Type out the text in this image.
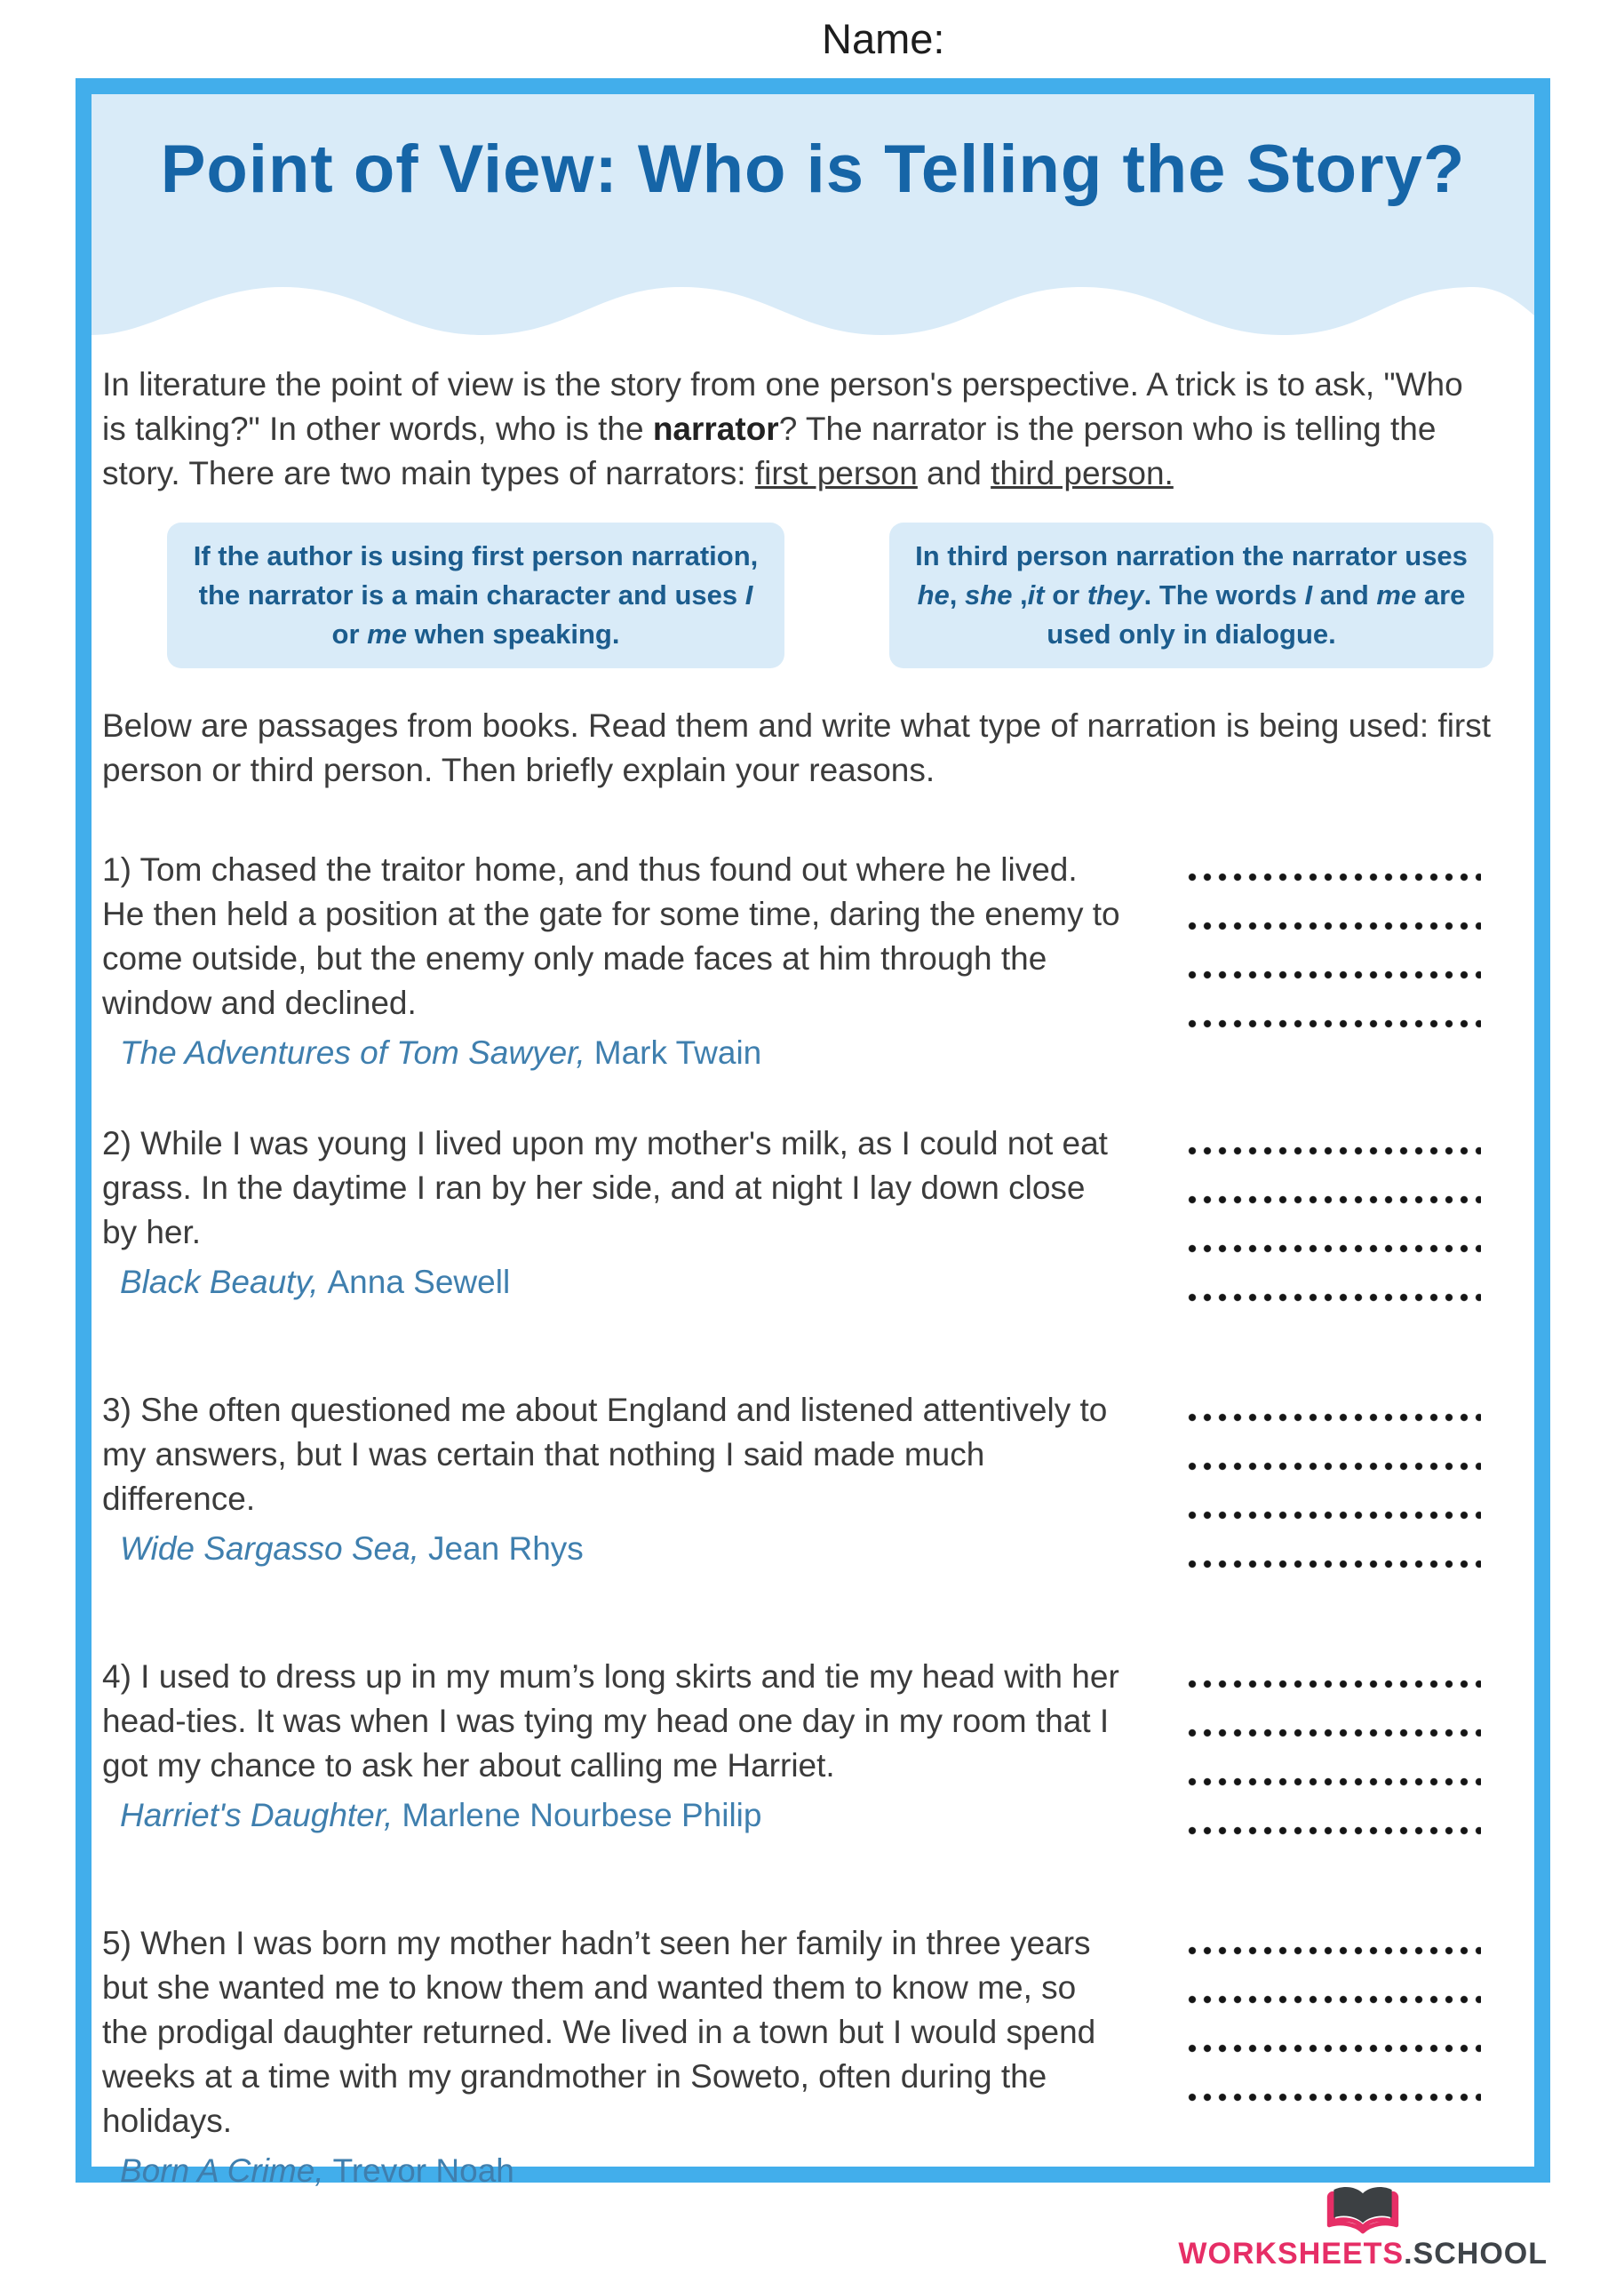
Name:
Point of View: Who is Telling the Story?

In literature the point of view is the story from one person's perspective. A trick is to ask, "Who is talking?" In other words, who is the narrator? The narrator is the person who is telling the story. There are two main types of narrators: first person and third person.

If the author is using first person narration, the narrator is a main character and uses I or me when speaking.
In third person narration the narrator uses he, she ,it or they. The words I and me are used only in dialogue.

Below are passages from books. Read them and write what type of narration is being used: first person or third person. Then briefly explain your reasons.

1) Tom chased the traitor home, and thus found out where he lived. He then held a position at the gate for some time, daring the enemy to come outside, but the enemy only made faces at him through the window and declined.

The Adventures of Tom Sawyer, Mark Twain

2) While I was young I lived upon my mother's milk, as I could not eat grass. In the daytime I ran by her side, and at night I lay down close by her.

Black Beauty, Anna Sewell

3) She often questioned me about England and listened attentively to my answers, but I was certain that nothing I said made much difference.

Wide Sargasso Sea, Jean Rhys

4) I used to dress up in my mum’s long skirts and tie my head with her head-ties. It was when I was tying my head one day in my room that I got my chance to ask her about calling me Harriet.

Harriet's Daughter, Marlene Nourbese Philip

5) When I was born my mother hadn’t seen her family in three years but she wanted me to know them and wanted them to know me, so the prodigal daughter returned. We lived in a town but I would spend weeks at a time with my grandmother in Soweto, often during the holidays.

Born A Crime, Trevor Noah

WORKSHEETS.SCHOOL
